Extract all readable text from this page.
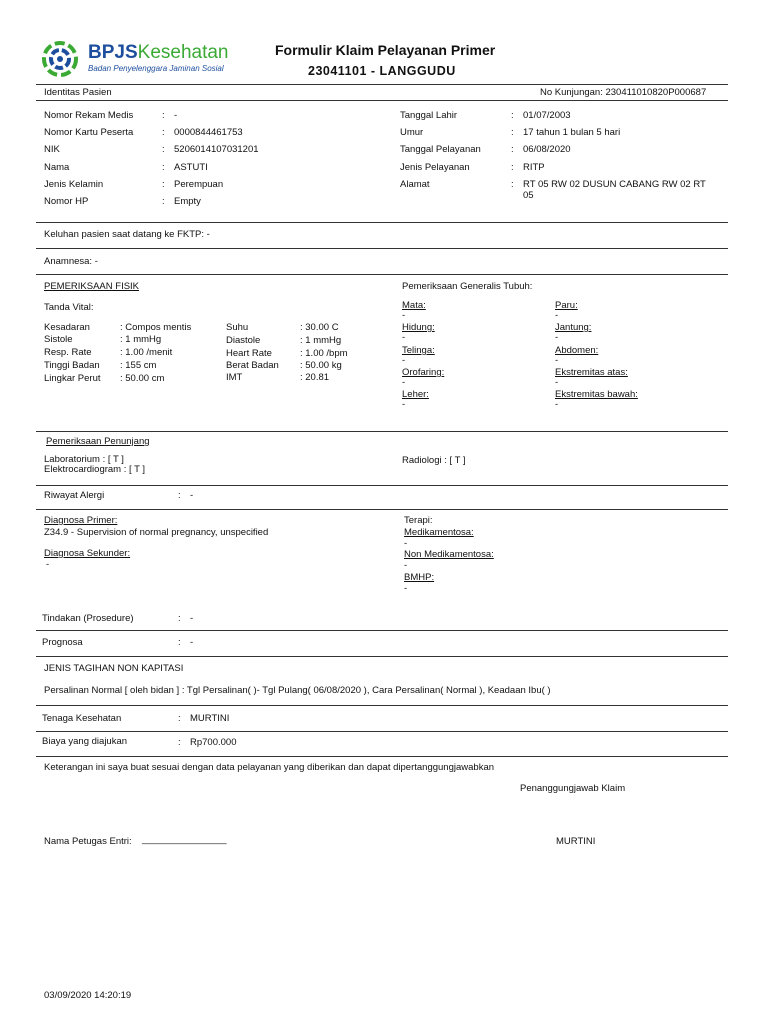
BPJSKesehatan
Badan Penyelenggara Jaminan Sosial
Formulir Klaim Pelayanan Primer
23041101 - LANGGUDU
Identitas Pasien	No Kunjungan: 230411010820P000687
Nomor Rekam Medis	: -
Nomor Kartu Peserta	: 0000844461753
NIK	: 5206014107031201
Nama	: ASTUTI
Jenis Kelamin	: Perempuan
Nomor HP	: Empty
Tanggal Lahir	: 01/07/2003
Umur	: 17 tahun 1 bulan 5 hari
Tanggal Pelayanan	: 06/08/2020
Jenis Pelayanan	: RITP
Alamat	: RT 05 RW 02 DUSUN CABANG RW 02 RT
05
Keluhan pasien saat datang ke FKTP: -
Anamnesa: -
PEMERIKSAAN FISIK
Tanda Vital:
Kesadaran	: Compos mentis
Sistole	: 1 mmHg
Resp. Rate	: 1.00 /menit
Tinggi Badan : 155 cm
Lingkar Perut : 50.00 cm
Suhu	: 30.00 C
Diastole	: 1 mmHg
Heart Rate	: 1.00 /bpm
Berat Badan : 50.00 kg
IMT	: 20.81
Pemeriksaan Generalis Tubuh:
Mata:
-
Hidung:
-
Telinga:
-
Orofaring:
-
Leher:
-
Paru:
-
Jantung:
-
Abdomen:
-
Ekstremitas atas:
-
Ekstremitas bawah:
-
Pemeriksaan Penunjang
Laboratorium : [ T ]
Elektrocardiogram : [ T ]
Radiologi : [ T ]
Riwayat Alergi	: -
Diagnosa Primer:
Z34.9 - Supervision of normal pregnancy, unspecified
Diagnosa Sekunder:
-
Terapi:
Medikamentosa:
-
Non Medikamentosa:
-
BMHP:
-
Tindakan (Prosedure)	: -
Prognosa	: -
JENIS TAGIHAN NON KAPITASI
Persalinan Normal [ oleh bidan ] : Tgl Persalinan( )- Tgl Pulang( 06/08/2020 ), Cara Persalinan( Normal ), Keadaan Ibu( )
Tenaga Kesehatan	: MURTINI
Biaya yang diajukan	: Rp700.000
Keterangan ini saya buat sesuai dengan data pelayanan yang diberikan dan dapat dipertanggungjawabkan
Penanggungjawab Klaim
Nama Petugas Entri: ________________	MURTINI
03/09/2020 14:20:19
